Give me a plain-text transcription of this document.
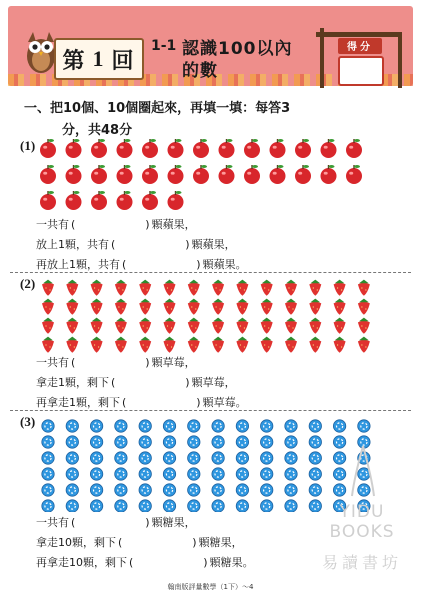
第 1 回
1-1 認識100以內
的數
得分
一、把10個、10個圈起來，再填一填：每答3
分，共48分
(1)
一共有 (	) 顆蘋果，
放上1顆，共有 (	) 顆蘋果，
再放上1顆，共有 (	) 顆蘋果。
(2)
一共有 (	) 顆草莓，
拿走1顆，剩下 (	) 顆草莓，
再拿走1顆，剩下 (	) 顆草莓。
(3)
一共有 (	) 顆糖果，
拿走10顆，剩下 (	) 顆糖果，
再拿走10顆，剩下 (	) 顆糖果。
YIDU BOOKS
易讀書坊
翰南版評量數學（1下）～4
